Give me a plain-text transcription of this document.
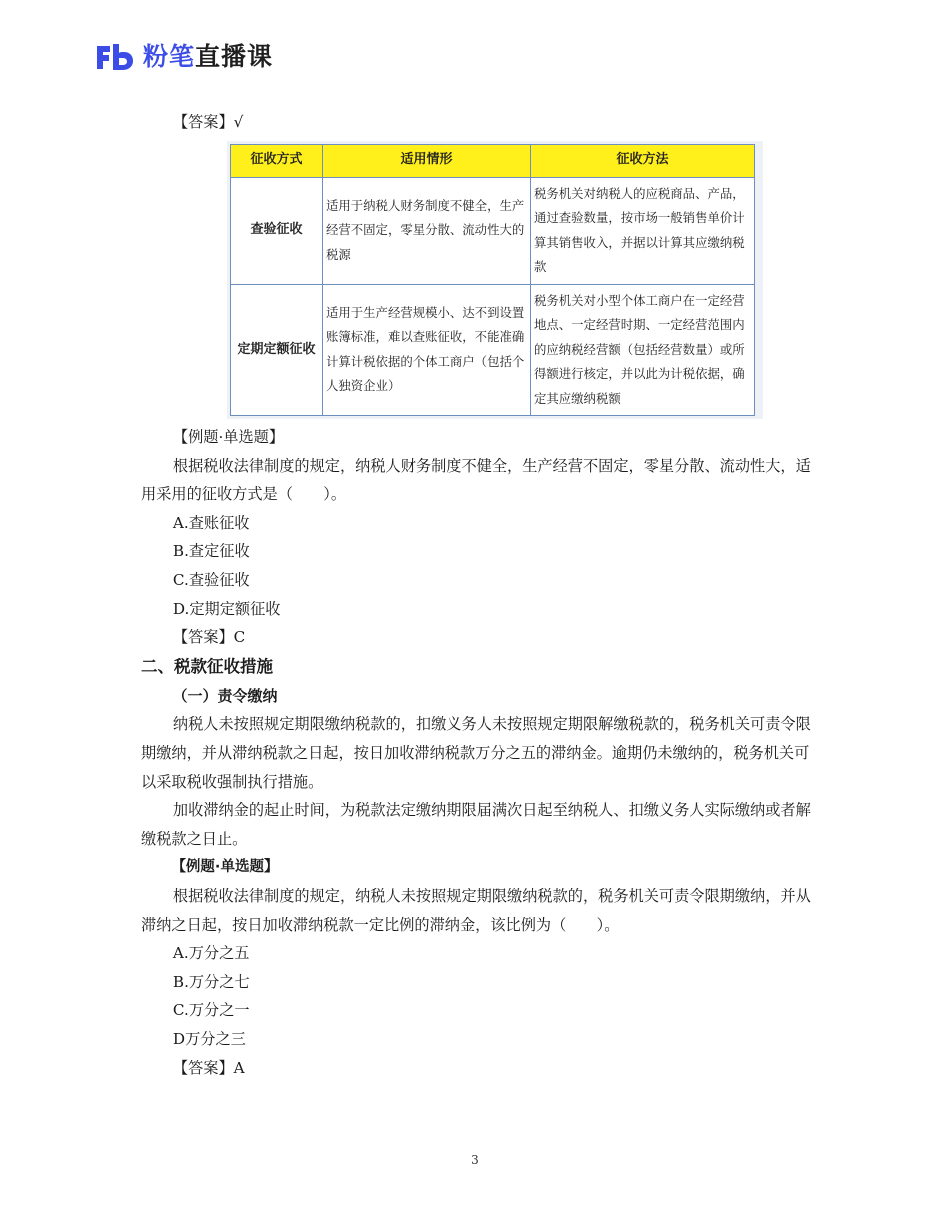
粉笔直播课

【答案】√

征收方式	适用情形	征收方法
查验征收	适用于纳税人财务制度不健全，生产经营不固定，零星分散、流动性大的税源	税务机关对纳税人的应税商品、产品，通过查验数量，按市场一般销售单价计算其销售收入，并据以计算其应缴纳税款
定期定额征收	适用于生产经营规模小、达不到设置账簿标准，难以查账征收，不能准确计算计税依据的个体工商户（包括个人独资企业）	税务机关对小型个体工商户在一定经营地点、一定经营时期、一定经营范围内的应纳税经营额（包括经营数量）或所得额进行核定，并以此为计税依据，确定其应缴纳税额

【例题·单选题】

根据税收法律制度的规定，纳税人财务制度不健全，生产经营不固定，零星分散、流动性大，适用采用的征收方式是（　　）。

A.查账征收

B.查定征收

C.查验征收

D.定期定额征收

【答案】C

二、税款征收措施

（一）责令缴纳

纳税人未按照规定期限缴纳税款的，扣缴义务人未按照规定期限解缴税款的，税务机关可责令限期缴纳，并从滞纳税款之日起，按日加收滞纳税款万分之五的滞纳金。逾期仍未缴纳的，税务机关可以采取税收强制执行措施。

加收滞纳金的起止时间，为税款法定缴纳期限届满次日起至纳税人、扣缴义务人实际缴纳或者解缴税款之日止。

【例题·单选题】

根据税收法律制度的规定，纳税人未按照规定期限缴纳税款的，税务机关可责令限期缴纳，并从滞纳之日起，按日加收滞纳税款一定比例的滞纳金，该比例为（　　）。

A.万分之五

B.万分之七

C.万分之一

D万分之三

【答案】A

3
